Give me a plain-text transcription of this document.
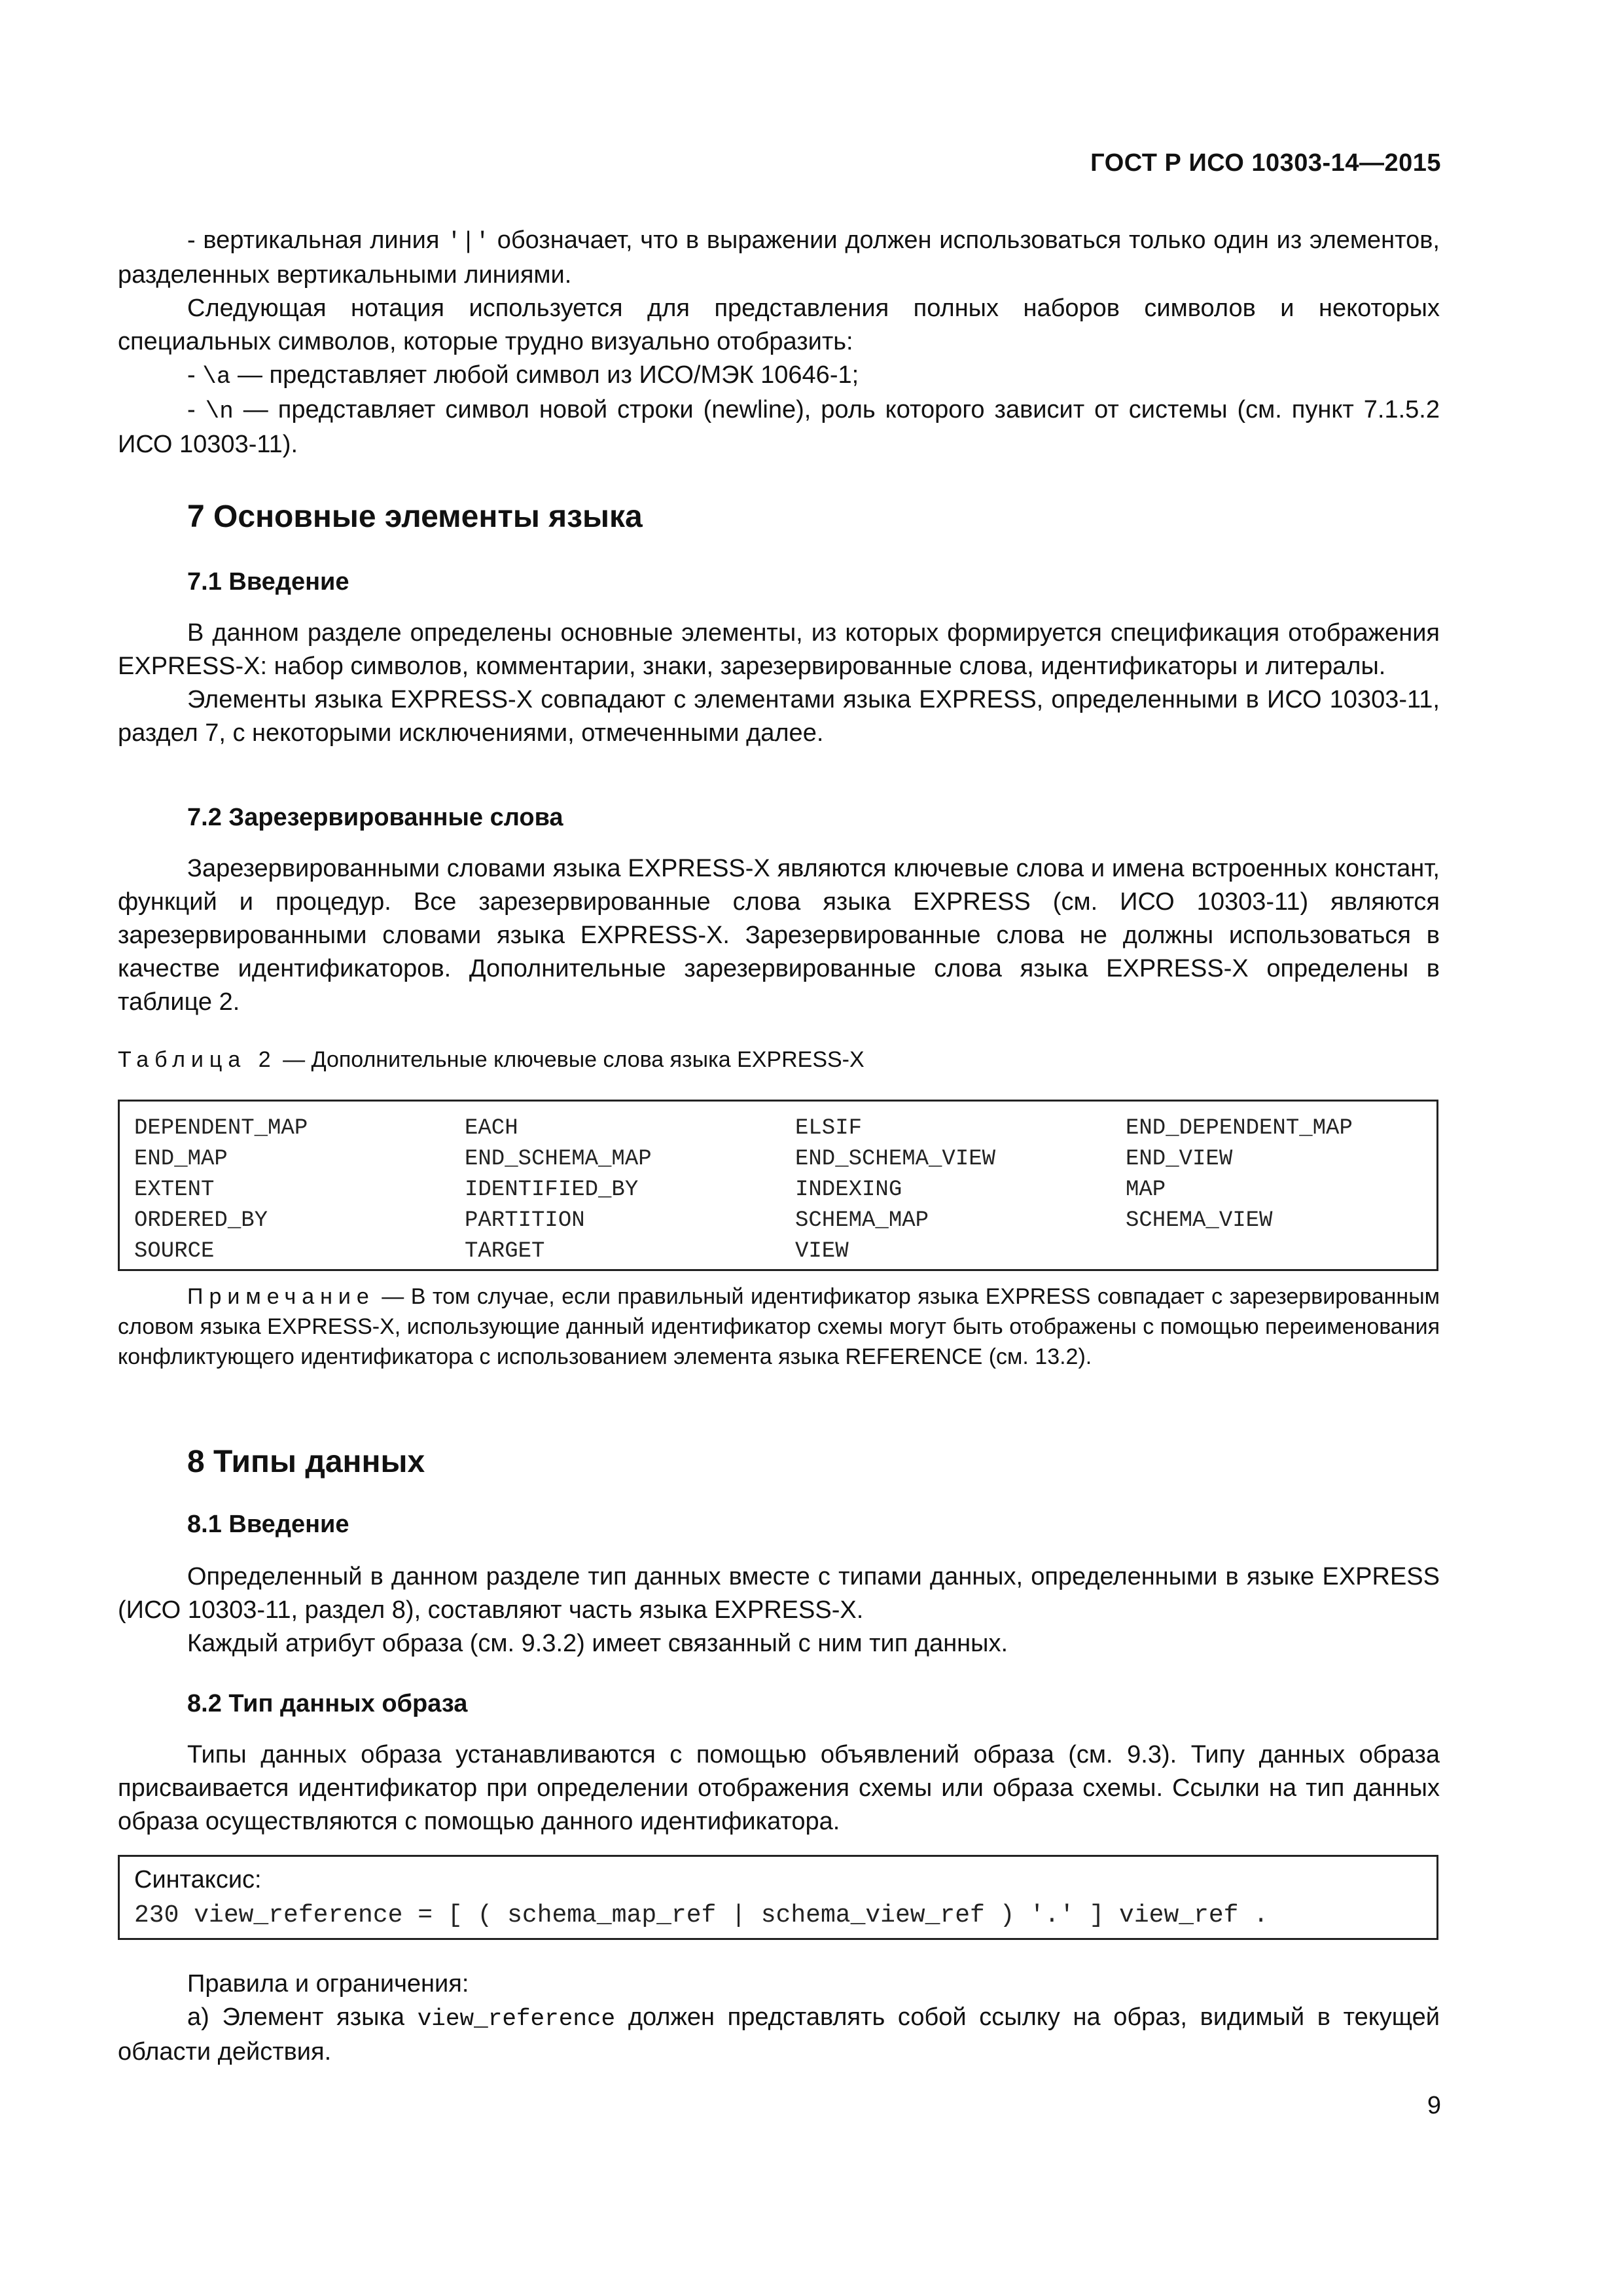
ГОСТ Р ИСО 10303-14—2015

- вертикальная линия '|' обозначает, что в выражении должен использоваться только один из элементов, разделенных вертикальными линиями.

Следующая нотация используется для представления полных наборов символов и некоторых специальных символов, которые трудно визуально отобразить:

- \a — представляет любой символ из ИСО/МЭК 10646-1;

- \n — представляет символ новой строки (newline), роль которого зависит от системы (см. пункт 7.1.5.2 ИСО 10303-11).

7 Основные элементы языка
7.1 Введение

В данном разделе определены основные элементы, из которых формируется спецификация отображения EXPRESS-X: набор символов, комментарии, знаки, зарезервированные слова, идентификаторы и литералы.

Элементы языка EXPRESS-X совпадают с элементами языка EXPRESS, определенными в ИСО 10303-11, раздел 7, с некоторыми исключениями, отмеченными далее.

7.2 Зарезервированные слова

Зарезервированными словами языка EXPRESS-X являются ключевые слова и имена встроенных констант, функций и процедур. Все зарезервированные слова языка EXPRESS (см. ИСО 10303-11) являются зарезервированными словами языка EXPRESS-X. Зарезервированные слова не должны использоваться в качестве идентификаторов. Дополнительные зарезервированные слова языка EXPRESS-X определены в таблице 2.

Таблица 2 — Дополнительные ключевые слова языка EXPRESS-X

DEPENDENT_MAP	EACH	ELSIF	END_DEPENDENT_MAP
END_MAP	END_SCHEMA_MAP	END_SCHEMA_VIEW	END_VIEW
EXTENT	IDENTIFIED_BY	INDEXING	MAP
ORDERED_BY	PARTITION	SCHEMA_MAP	SCHEMA_VIEW
SOURCE	TARGET	VIEW

Примечание — В том случае, если правильный идентификатор языка EXPRESS совпадает с зарезервированным словом языка EXPRESS-X, использующие данный идентификатор схемы могут быть отображены с помощью переименования конфликтующего идентификатора с использованием элемента языка REFERENCE (см. 13.2).

8 Типы данных
8.1 Введение

Определенный в данном разделе тип данных вместе с типами данных, определенными в языке EXPRESS (ИСО 10303-11, раздел 8), составляют часть языка EXPRESS-X.

Каждый атрибут образа (см. 9.3.2) имеет связанный с ним тип данных.

8.2 Тип данных образа

Типы данных образа устанавливаются с помощью объявлений образа (см. 9.3). Типу данных образа присваивается идентификатор при определении отображения схемы или образа схемы. Ссылки на тип данных образа осуществляются с помощью данного идентификатора.

Синтаксис:
230 view_reference = [ ( schema_map_ref | schema_view_ref ) '.' ] view_ref .

Правила и ограничения:

а) Элемент языка view_reference должен представлять собой ссылку на образ, видимый в текущей области действия.

9
